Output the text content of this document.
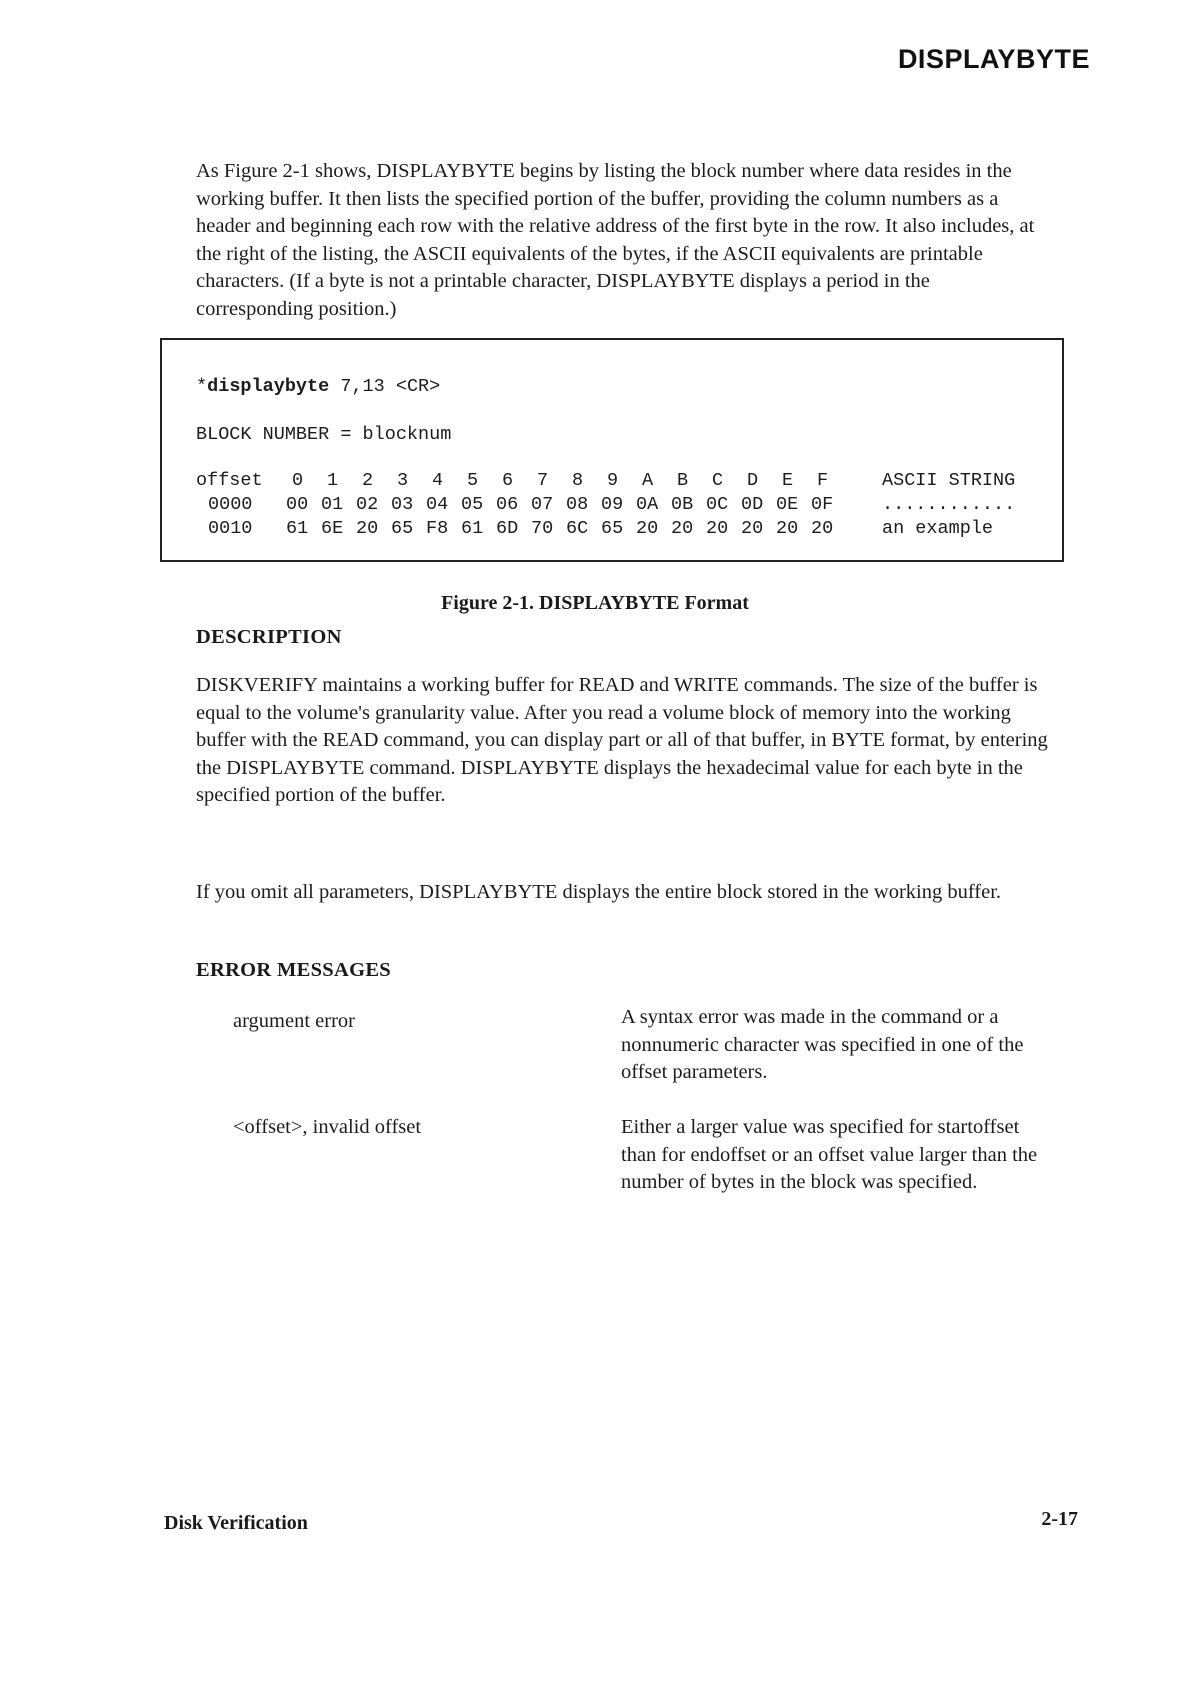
DISPLAYBYTE

As Figure 2-1 shows, DISPLAYBYTE begins by listing the block number where data resides in the working buffer. It then lists the specified portion of the buffer, providing the column numbers as a header and beginning each row with the relative address of the first byte in the row. It also includes, at the right of the listing, the ASCII equivalents of the bytes, if the ASCII equivalents are printable characters. (If a byte is not a printable character, DISPLAYBYTE displays a period in the corresponding position.)

*displaybyte 7,13 <CR>
BLOCK NUMBER = blocknum
offset 0 1 2 3 4 5 6 7 8 9 A B C D E F	ASCII STRING
0000 00 01 02 03 04 05 06 07 08 09 0A 0B 0C 0D 0E 0F	............
0010 61 6E 20 65 F8 61 6D 70 6C 65 20 20 20 20 20 20	an example
Figure 2-1. DISPLAYBYTE Format
DESCRIPTION

DISKVERIFY maintains a working buffer for READ and WRITE commands. The size of the buffer is equal to the volume's granularity value. After you read a volume block of memory into the working buffer with the READ command, you can display part or all of that buffer, in BYTE format, by entering the DISPLAYBYTE command. DISPLAYBYTE displays the hexadecimal value for each byte in the specified portion of the buffer.

If you omit all parameters, DISPLAYBYTE displays the entire block stored in the working buffer.

ERROR MESSAGES

argument error	A syntax error was made in the command or a nonnumeric character was specified in one of the offset parameters.

<offset>, invalid offset	Either a larger value was specified for startoffset than for endoffset or an offset value larger than the number of bytes in the block was specified.

Disk Verification	2-17
